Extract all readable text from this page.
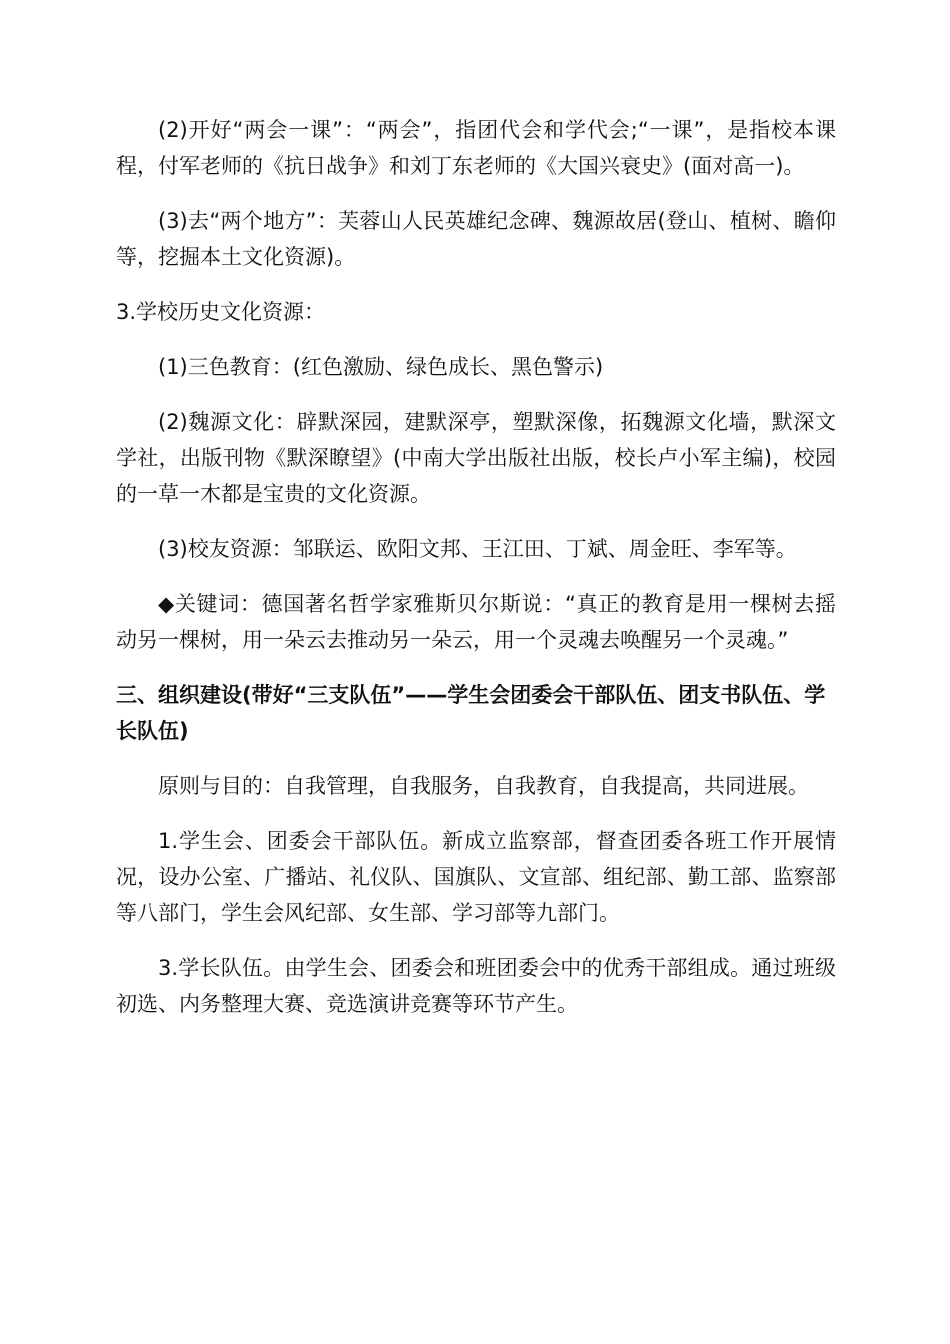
(2)开好“两会一课”：“两会”，指团代会和学代会;“一课”，是指校本课程，付军老师的《抗日战争》和刘丁东老师的《大国兴衰史》(面对高一)。

(3)去“两个地方”：芙蓉山人民英雄纪念碑、魏源故居(登山、植树、瞻仰等，挖掘本土文化资源)。

3.学校历史文化资源：

(1)三色教育：(红色激励、绿色成长、黑色警示)

(2)魏源文化：辟默深园，建默深亭，塑默深像，拓魏源文化墙，默深文学社，出版刊物《默深瞭望》(中南大学出版社出版，校长卢小军主编)，校园的一草一木都是宝贵的文化资源。

(3)校友资源：邹联运、欧阳文邦、王江田、丁斌、周金旺、李军等。

◆关键词：德国著名哲学家雅斯贝尔斯说：“真正的教育是用一棵树去摇动另一棵树，用一朵云去推动另一朵云，用一个灵魂去唤醒另一个灵魂。”

三、组织建设(带好“三支队伍”——学生会团委会干部队伍、团支书队伍、学长队伍)

原则与目的：自我管理，自我服务，自我教育，自我提高，共同进展。

1.学生会、团委会干部队伍。新成立监察部，督查团委各班工作开展情况，设办公室、广播站、礼仪队、国旗队、文宣部、组纪部、勤工部、监察部等八部门，学生会风纪部、女生部、学习部等九部门。

3.学长队伍。由学生会、团委会和班团委会中的优秀干部组成。通过班级初选、内务整理大赛、竞选演讲竞赛等环节产生。
